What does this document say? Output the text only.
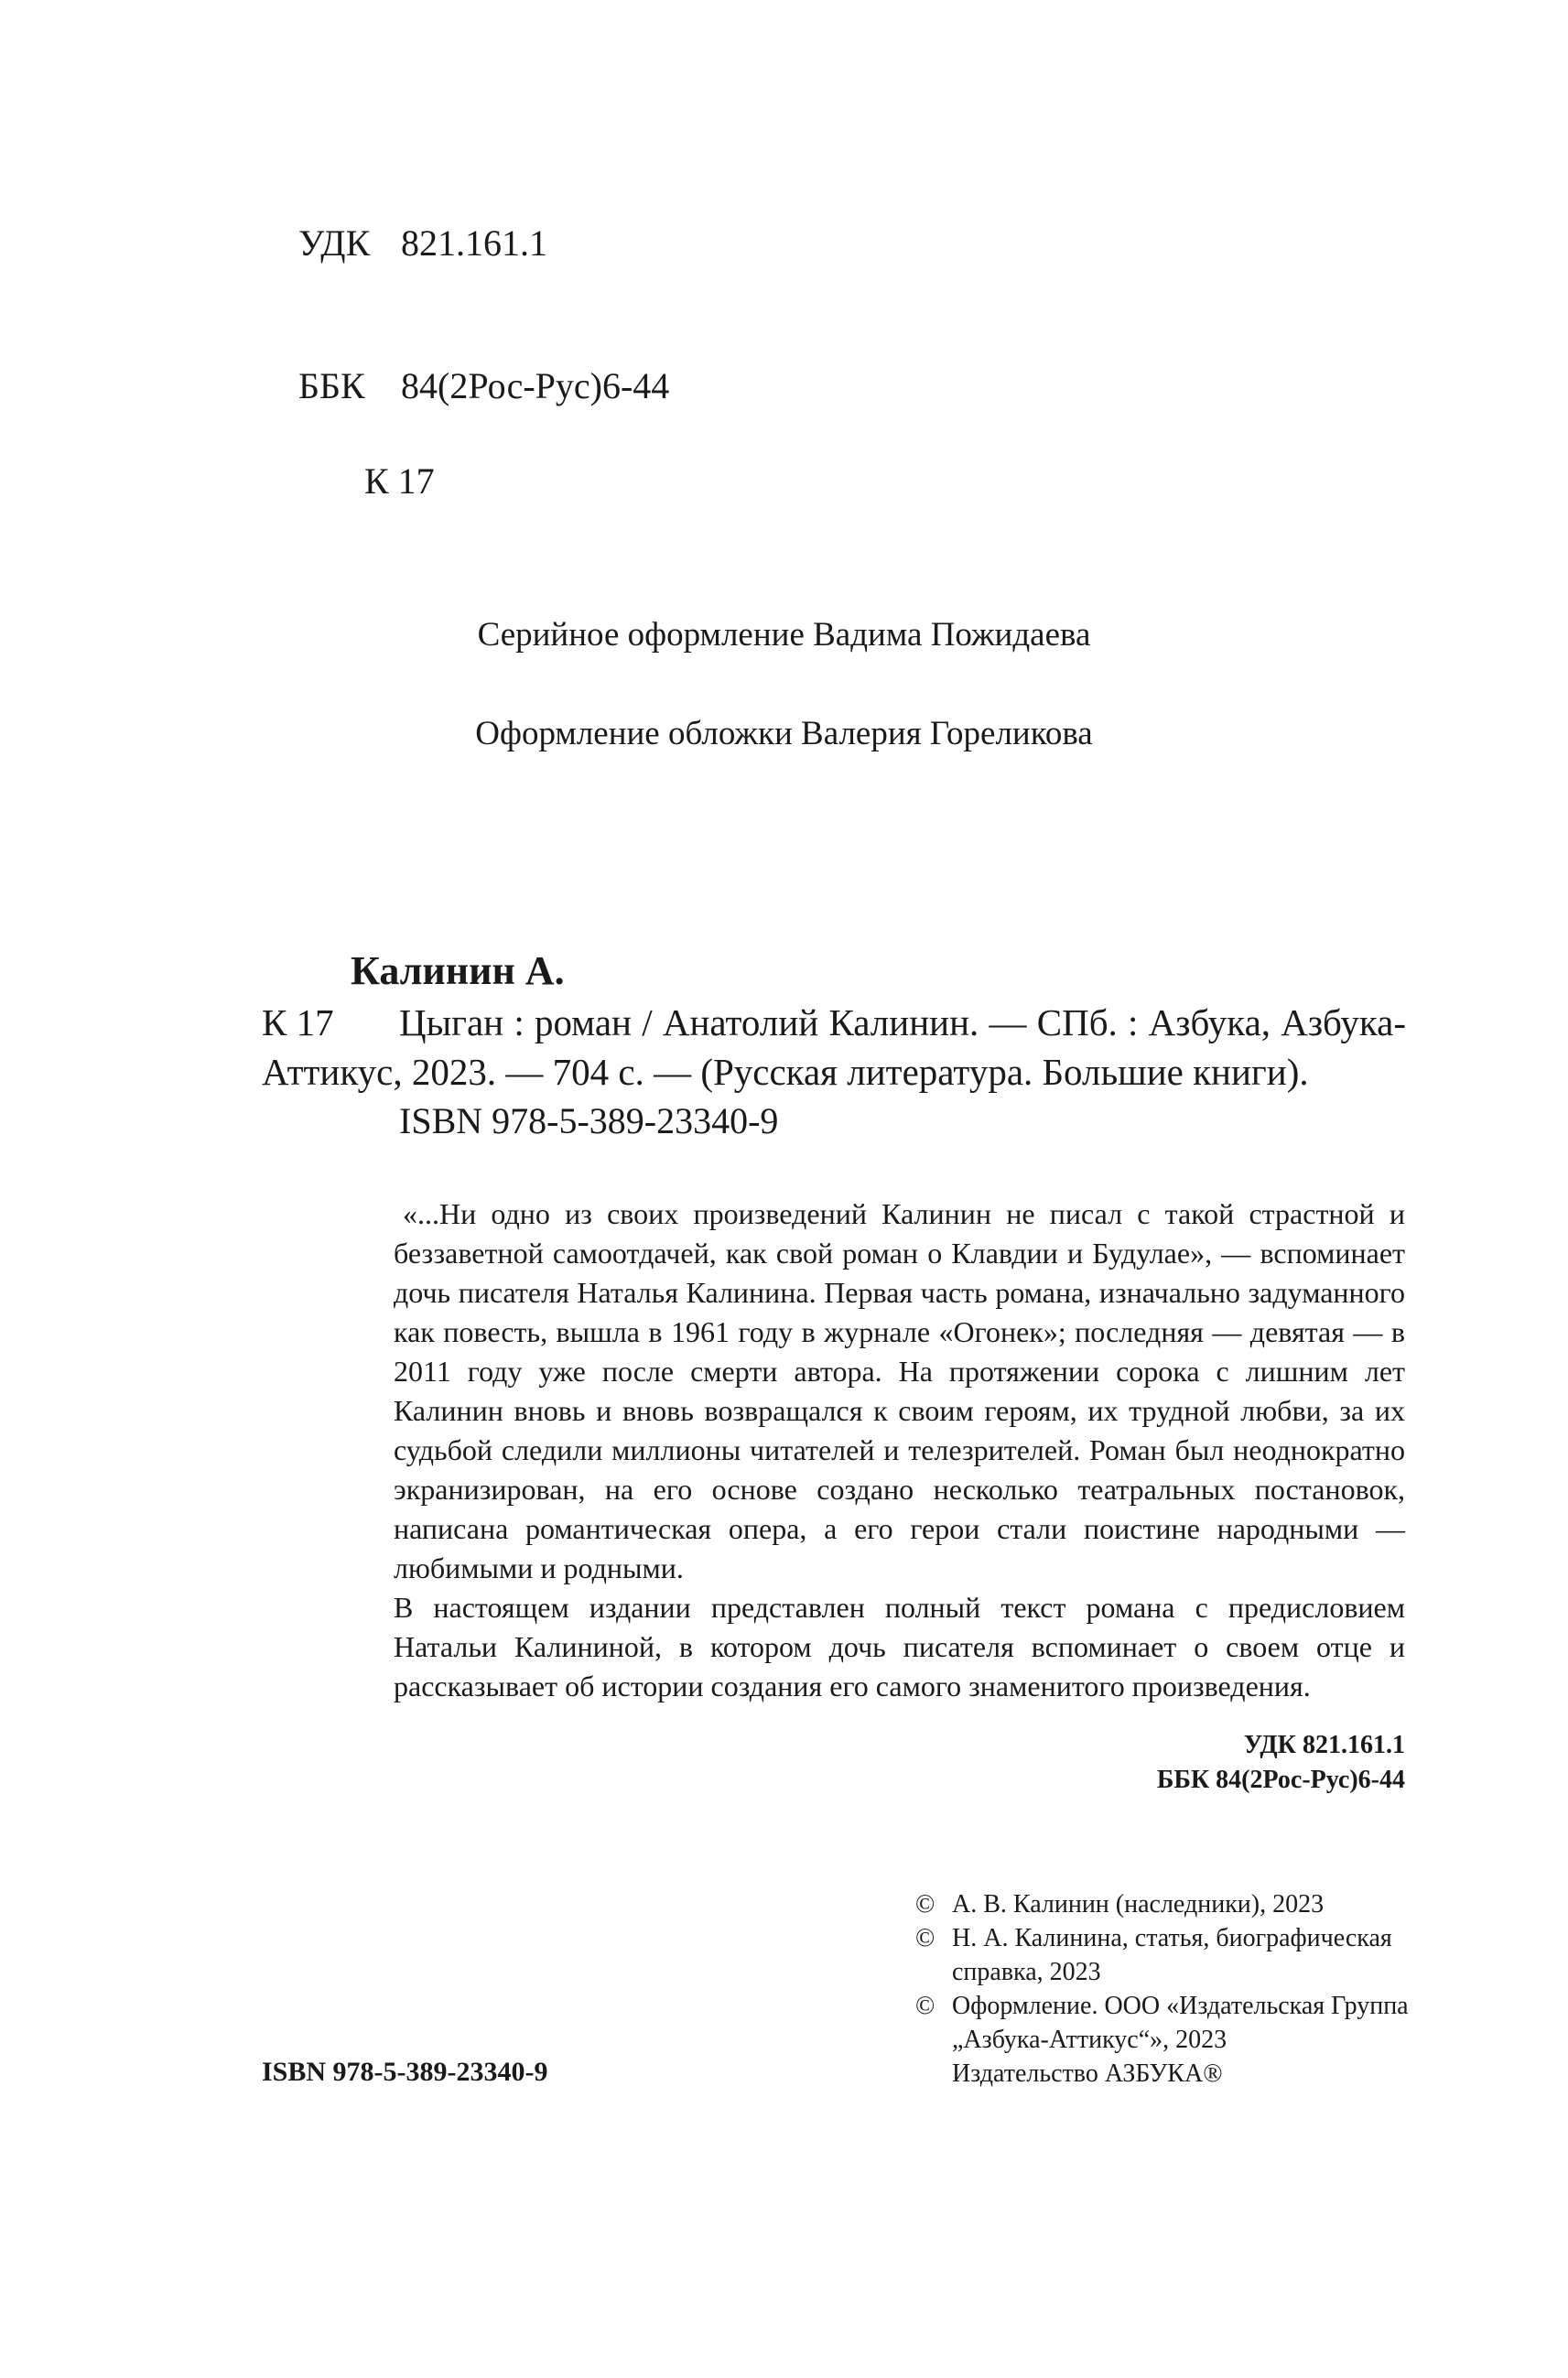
УДК 821.161.1

ББК 84(2Рос-Рус)6-44

К 17
Серийное оформление Вадима Пожидаева
Оформление обложки Валерия Гореликова
Калинин А.
К 17	Цыган : роман / Анатолий Калинин. — СПб. : Азбука, Азбука-Аттикус, 2023. — 704 с. — (Русская литература. Большие книги).
ISBN 978-5-389-23340-9

«...Ни одно из своих произведений Калинин не писал с такой страстной и беззаветной самоотдачей, как свой роман о Клавдии и Будулае», — вспоминает дочь писателя Наталья Калинина. Первая часть романа, изначально задуманного как повесть, вышла в 1961 году в журнале «Огонек»; последняя — девятая — в 2011 году уже после смерти автора. На протяжении сорока с лишним лет Калинин вновь и вновь возвращался к своим героям, их трудной любви, за их судьбой следили миллионы читателей и телезрителей. Роман был неоднократно экранизирован, на его основе создано несколько театральных постановок, написана романтическая опера, а его герои стали поистине народными — любимыми и родными.

В настоящем издании представлен полный текст романа с предисловием Натальи Калининой, в котором дочь писателя вспоминает о своем отце и рассказывает об истории создания его самого знаменитого произведения.

УДК 821.161.1
ББК 84(2Рос-Рус)6-44
© А. В. Калинин (наследники), 2023
© Н. А. Калинина, статья, биографическая справка, 2023
© Оформление. ООО «Издательская Группа „Азбука-Аттикус“», 2023
Издательство АЗБУКА®
ISBN 978-5-389-23340-9
